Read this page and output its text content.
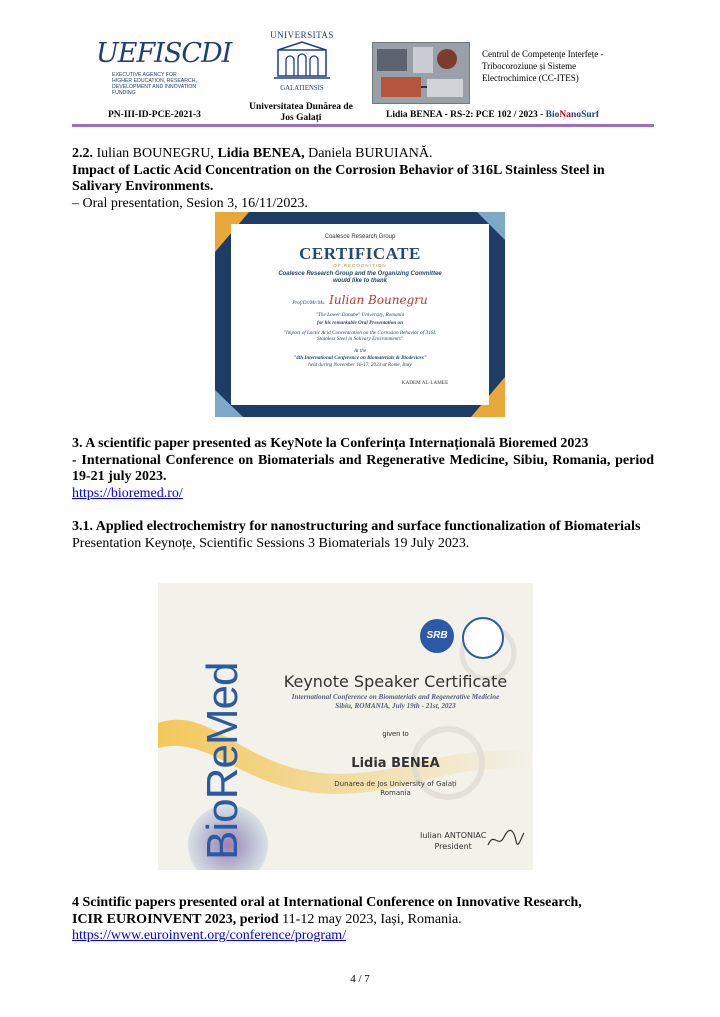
UEFISCDI
EXECUTIVE AGENCY FOR HIGHER EDUCATION, RESEARCH, DEVELOPMENT AND INNOVATION FUNDING
UNIVERSITAS
GALATIENSIS
Centrul de Competențe Interfețe -
Tribocoroziune și Sisteme
Electrochimice (CC-ITES)
PN-III-ID-PCE-2021-3
Universitatea Dunărea de
Jos Galați	Lidia BENEA - RS-2: PCE 102 / 2023 - BioNanoSurf
2.2. Iulian BOUNEGRU, Lidia BENEA, Daniela BURUIANĂ.
Impact of Lactic Acid Concentration on the Corrosion Behavior of 316L Stainless Steel in Salivary Environments.
– Oral presentation, Sesion 3, 16/11/2023.
Coalesce Research Group
CERTIFICATE
OF RECOGNITION
Coalesce Research Group and the Organizing Committee
would like to thank
Prof/Dr/Mr/Ms. Iulian Bounegru
"The Lower Danube" University, Romania
for his remarkable Oral Presentation on
"Impact of Lactic Acid Concentration on the Corrosion Behavior of 316L
Stainless Steel in Salivary Environments"
At the
"4th International Conference on Biomaterials & Biodevices"
held during November 16-17, 2023 at Rome, Italy
KADEM AL-LAMEE
3. A scientific paper presented as KeyNote la Conferința Internațională Bioremed 2023
- International Conference on Biomaterials and Regenerative Medicine, Sibiu, Romania, period 19-21 july 2023.
https://bioremed.ro/
3.1. Applied electrochemistry for nanostructuring and surface functionalization of Biomaterials
Presentation Keynoțe, Scientific Sessions 3 Biomaterials 19 July 2023.
BioReMed
SRB
Keynote Speaker Certificate
International Conference on Biomaterials and Regenerative Medicine
Sibiu, ROMANIA, July 19th - 21st, 2023
given to
Lidia BENEA
Dunarea de Jos University of Galați
Romania
Iulian ANTONIAC
President
4 Scintific papers presented oral at International Conference on Innovative Research,
ICIR EUROINVENT 2023, period 11-12 may 2023, Iași, Romania.
https://www.euroinvent.org/conference/program/
4 / 7
